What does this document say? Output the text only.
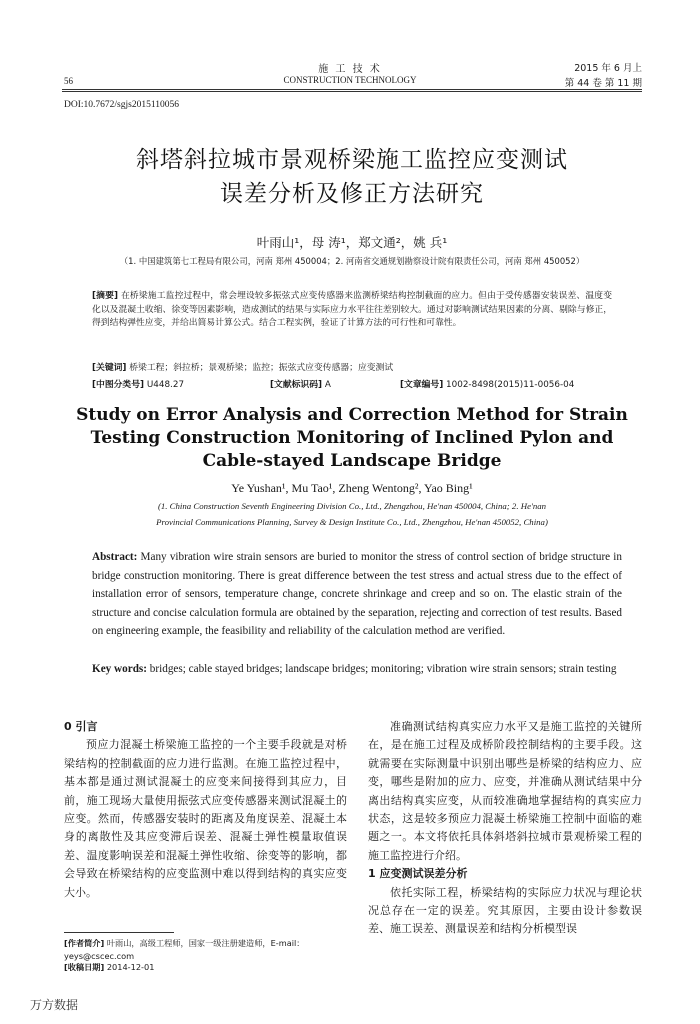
56
施 工 技 术
CONSTRUCTION TECHNOLOGY
2015 年 6 月上
第 44 卷 第 11 期
DOI:10.7672/sgjs2015110056
斜塔斜拉城市景观桥梁施工监控应变测试
误差分析及修正方法研究
叶雨山¹，母 涛¹，郑文通²，姚 兵¹
（1. 中国建筑第七工程局有限公司，河南 郑州 450004；2. 河南省交通规划勘察设计院有限责任公司，河南 郑州 450052）
[摘要] 在桥梁施工监控过程中，常会埋设较多振弦式应变传感器来监测桥梁结构控制截面的应力。但由于受传感器安装误差、温度变化以及混凝土收缩、徐变等因素影响，造成测试的结果与实际应力水平往往差别较大。通过对影响测试结果因素的分离、剔除与修正，得到结构弹性应变，并给出简易计算公式。结合工程实例，验证了计算方法的可行性和可靠性。
[关键词] 桥梁工程；斜拉桥；景观桥梁；监控；振弦式应变传感器；应变测试
[中图分类号] U448.27	[文献标识码] A	[文章编号] 1002-8498(2015)11-0056-04
Study on Error Analysis and Correction Method for Strain
Testing Construction Monitoring of Inclined Pylon and
Cable-stayed Landscape Bridge
Ye Yushan¹, Mu Tao¹, Zheng Wentong², Yao Bing¹
(1. China Construction Seventh Engineering Division Co., Ltd., Zhengzhou, He'nan 450004, China; 2. He'nan
Provincial Communications Planning, Survey & Design Institute Co., Ltd., Zhengzhou, He'nan 450052, China)
Abstract: Many vibration wire strain sensors are buried to monitor the stress of control section of bridge structure in bridge construction monitoring. There is great difference between the test stress and actual stress due to the effect of installation error of sensors, temperature change, concrete shrinkage and creep and so on. The elastic strain of the structure and concise calculation formula are obtained by the separation, rejecting and correction of test results. Based on engineering example, the feasibility and reliability of the calculation method are verified.
Key words: bridges; cable stayed bridges; landscape bridges; monitoring; vibration wire strain sensors; strain testing
0 引言

预应力混凝土桥梁施工监控的一个主要手段就是对桥梁结构的控制截面的应力进行监测。在施工监控过程中，基本都是通过测试混凝土的应变来间接得到其应力，目前，施工现场大量使用振弦式应变传感器来测试混凝土的应变。然而，传感器安装时的距离及角度误差、混凝土本身的离散性及其应变滞后误差、混凝土弹性模量取值误差、温度影响误差和混凝土弹性收缩、徐变等的影响，都会导致在桥梁结构的应变监测中难以得到结构的真实应变大小。

[作者简介] 叶雨山，高级工程师，国家一级注册建造师，E-mail：yeys@cscec.com
[收稿日期] 2014-12-01

准确测试结构真实应力水平又是施工监控的关键所在，是在施工过程及成桥阶段控制结构的主要手段。这就需要在实际测量中识别出哪些是桥梁的结构应力、应变，哪些是附加的应力、应变，并准确从测试结果中分离出结构真实应变，从而较准确地掌握结构的真实应力状态，这是较多预应力混凝土桥梁施工控制中面临的难题之一。本文将依托具体斜塔斜拉城市景观桥梁工程的施工监控进行介绍。

1 应变测试误差分析

依托实际工程，桥梁结构的实际应力状况与理论状况总存在一定的误差。究其原因，主要由设计参数误差、施工误差、测量误差和结构分析模型误

万方数据
